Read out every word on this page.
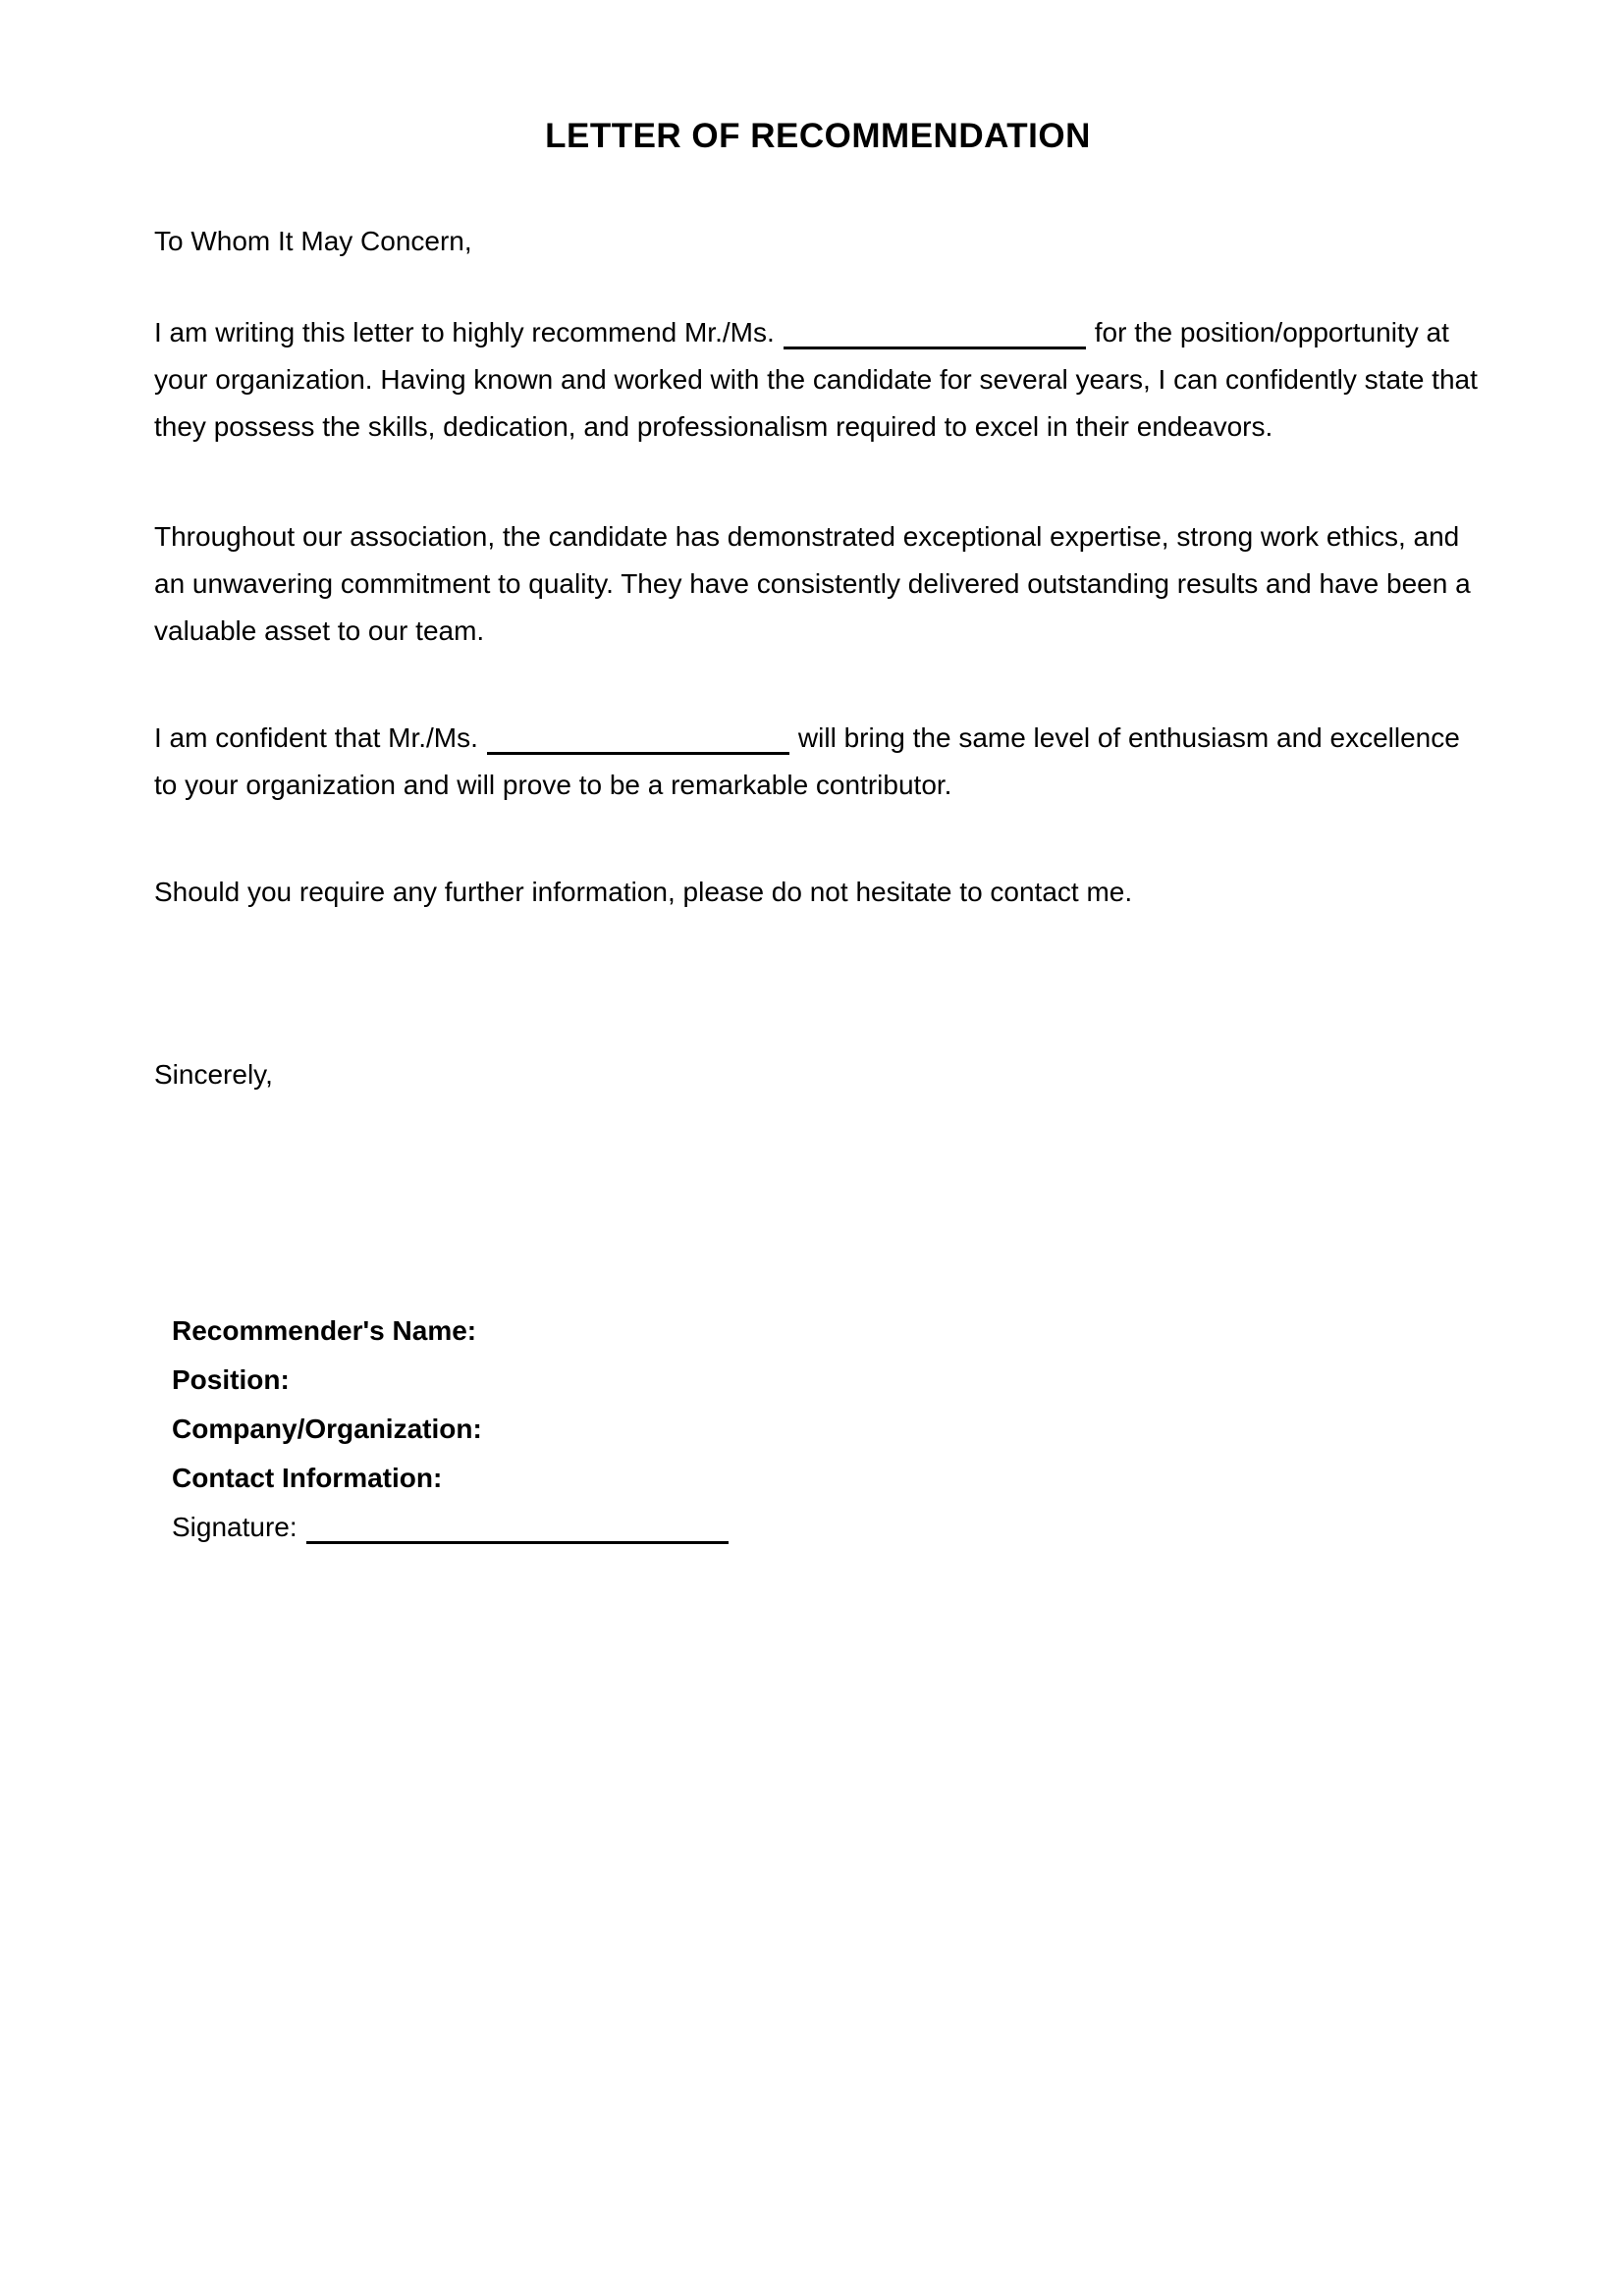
LETTER OF RECOMMENDATION
To Whom It May Concern,
I am writing this letter to highly recommend Mr./Ms.	for the position/opportunity at your organization. Having known and worked with the candidate for several years, I can confidently state that they possess the skills, dedication, and professionalism required to excel in their endeavors.
Throughout our association, the candidate has demonstrated exceptional expertise, strong work ethics, and an unwavering commitment to quality. They have consistently delivered outstanding results and have been a valuable asset to our team.
I am confident that Mr./Ms.	will bring the same level of enthusiasm and excellence to your organization and will prove to be a remarkable contributor.
Should you require any further information, please do not hesitate to contact me.
Sincerely,
Recommender's Name:
Position:
Company/Organization:
Contact Information:
Signature:
